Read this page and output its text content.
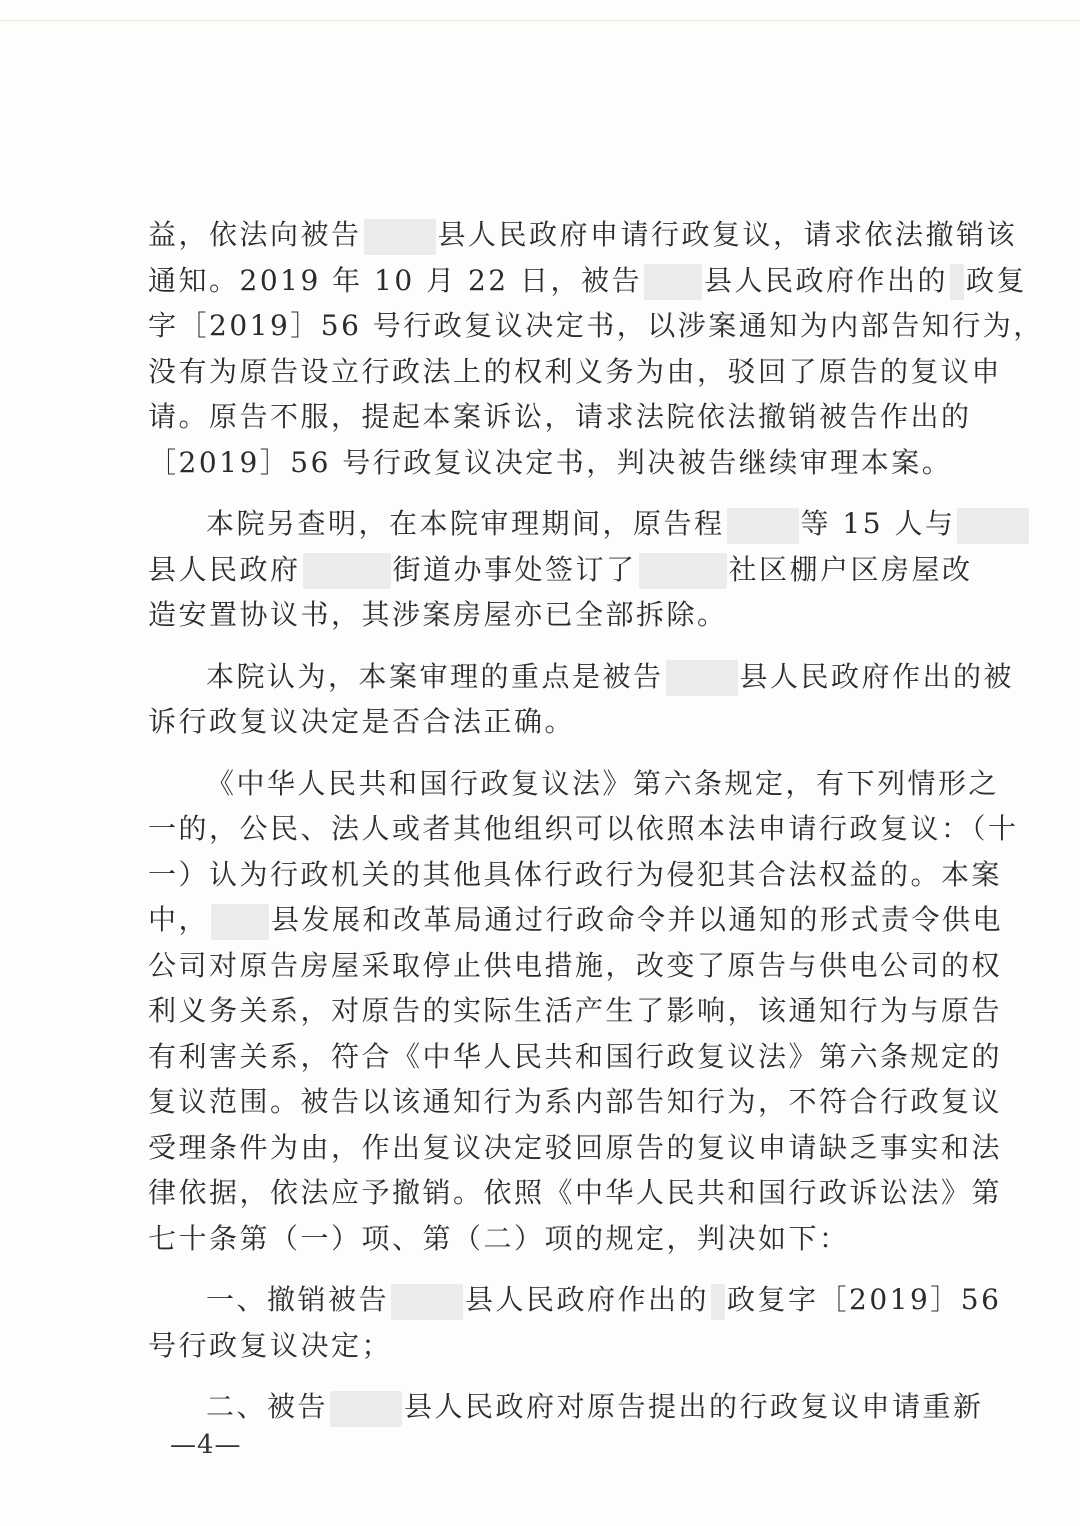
益，依法向被告	县人民政府申请行政复议，请求依法撤销该
通知。2019 年 10 月 22 日，被告 县人民政府作出的 政复
字［2019］56 号行政复议决定书，以涉案通知为内部告知行为，
没有为原告设立行政法上的权利义务为由，驳回了原告的复议申
请。原告不服，提起本案诉讼，请求法院依法撤销被告作出的
［2019］56 号行政复议决定书，判决被告继续审理本案。

本院另查明，在本院审理期间，原告程	等 15 人与
县人民政府	街道办事处签订了	社区棚户区房屋改
造安置协议书，其涉案房屋亦已全部拆除。

本院认为，本案审理的重点是被告	县人民政府作出的被
诉行政复议决定是否合法正确。

《中华人民共和国行政复议法》第六条规定，有下列情形之
一的，公民、法人或者其他组织可以依照本法申请行政复议：（十
一）认为行政机关的其他具体行政行为侵犯其合法权益的。本案
中， 县发展和改革局通过行政命令并以通知的形式责令供电
公司对原告房屋采取停止供电措施，改变了原告与供电公司的权
利义务关系，对原告的实际生活产生了影响，该通知行为与原告
有利害关系，符合《中华人民共和国行政复议法》第六条规定的
复议范围。被告以该通知行为系内部告知行为，不符合行政复议
受理条件为由，作出复议决定驳回原告的复议申请缺乏事实和法
律依据，依法应予撤销。依照《中华人民共和国行政诉讼法》第
七十条第（一）项、第（二）项的规定，判决如下：

一、撤销被告	县人民政府作出的 政复字［2019］56
号行政复议决定；

二、被告	县人民政府对原告提出的行政复议申请重新

—4—
